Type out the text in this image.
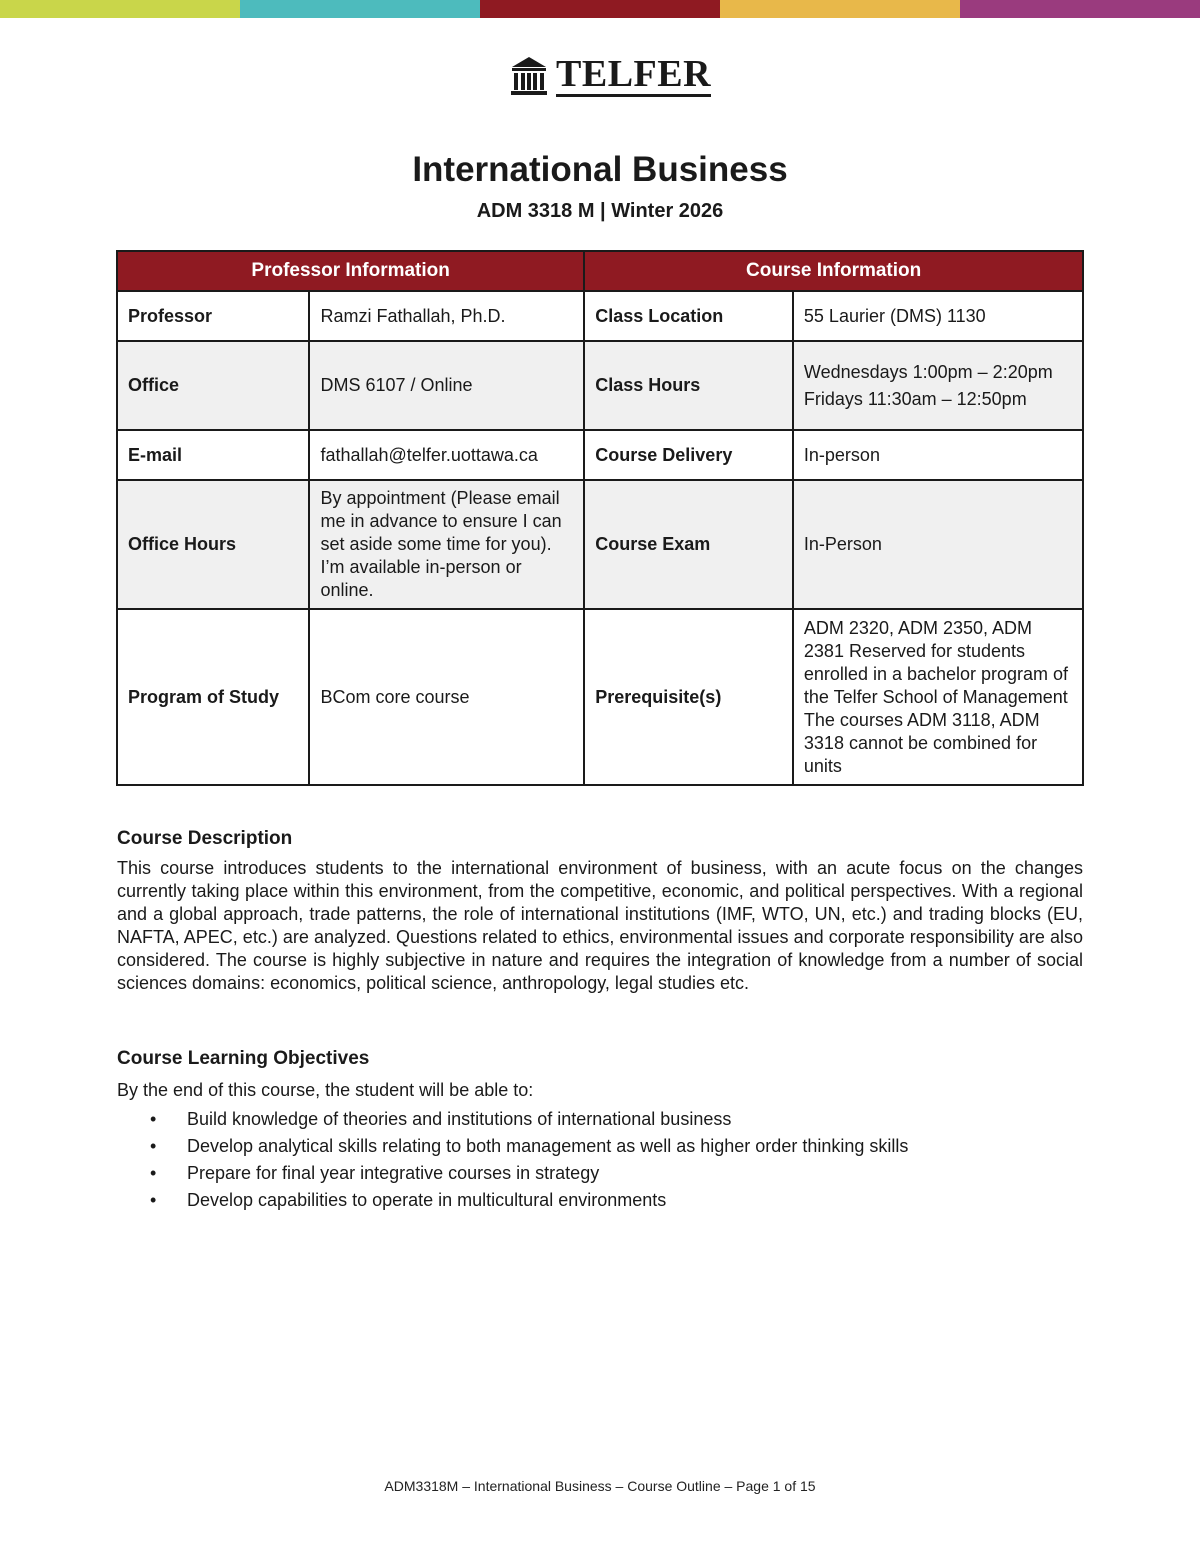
TELFER
International Business
ADM 3318 M | Winter 2026
Professor Information		Course Information	
Professor	Ramzi Fathallah, Ph.D.	Class Location	55 Laurier (DMS) 1130
Office	DMS 6107 / Online	Class Hours	Wednesdays 1:00pm – 2:20pm
Fridays 11:30am – 12:50pm

E-mail	fathallah@telfer.uottawa.ca	Course Delivery	In-person
Office Hours	By appointment (Please email me in advance to ensure I can set aside some time for you). I’m available in-person or online.	Course Exam	In-Person
Program of Study	BCom core course	Prerequisite(s)	ADM 2320, ADM 2350, ADM 2381 Reserved for students enrolled in a bachelor program of the Telfer School of Management The courses ADM 3118, ADM 3318 cannot be combined for units
Course Description
This course introduces students to the international environment of business, with an acute focus on the changes currently taking place within this environment, from the competitive, economic, and political perspectives. With a regional and a global approach, trade patterns, the role of international institutions (IMF, WTO, UN, etc.) and trading blocks (EU, NAFTA, APEC, etc.) are analyzed. Questions related to ethics, environmental issues and corporate responsibility are also considered. The course is highly subjective in nature and requires the integration of knowledge from a number of social sciences domains: economics, political science, anthropology, legal studies etc.
Course Learning Objectives
By the end of this course, the student will be able to:
• Build knowledge of theories and institutions of international business
• Develop analytical skills relating to both management as well as higher order thinking skills
• Prepare for final year integrative courses in strategy
• Develop capabilities to operate in multicultural environments
ADM3318M – International Business – Course Outline – Page 1 of 15
